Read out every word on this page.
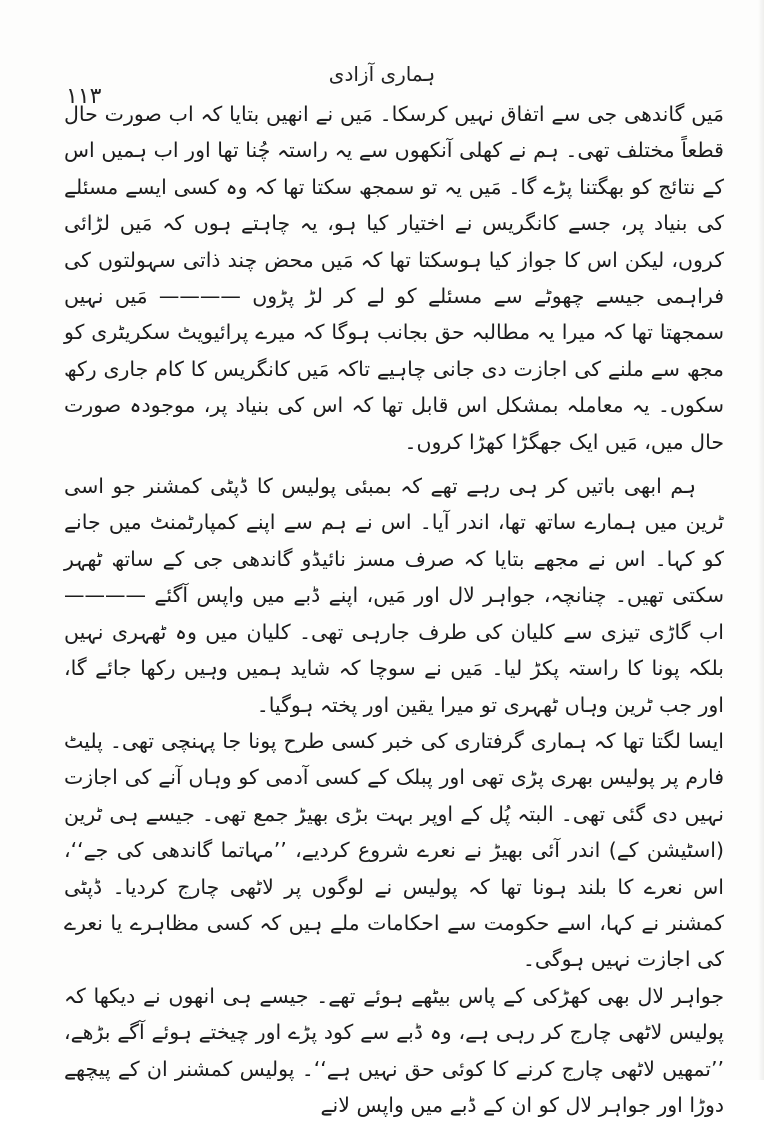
ہماری آزادی
۱۱۳

مَیں گاندھی جی سے اتفاق نہیں کرسکا۔ مَیں نے انھیں بتایا کہ اب صورت حال قطعاً مختلف تھی۔ ہم نے کھلی آنکھوں سے یہ راستہ چُنا تھا اور اب ہمیں اس کے نتائج کو بھگتنا پڑے گا۔ مَیں یہ تو سمجھ سکتا تھا کہ وہ کسی ایسے مسئلے کی بنیاد پر، جسے کانگریس نے اختیار کیا ہو، یہ چاہتے ہوں کہ مَیں لڑائی کروں، لیکن اس کا جواز کیا ہوسکتا تھا کہ مَیں محض چند ذاتی سہولتوں کی فراہمی جیسے چھوٹے سے مسئلے کو لے کر لڑ پڑوں ———— مَیں نہیں سمجھتا تھا کہ میرا یہ مطالبہ حق بجانب ہوگا کہ میرے پرائیویٹ سکریٹری کو مجھ سے ملنے کی اجازت دی جانی چاہیے تاکہ مَیں کانگریس کا کام جاری رکھ سکوں۔ یہ معاملہ بمشکل اس قابل تھا کہ اس کی بنیاد پر، موجودہ صورت حال میں، مَیں ایک جھگڑا کھڑا کروں۔

ہم ابھی باتیں کر ہی رہے تھے کہ بمبئی پولیس کا ڈپٹی کمشنر جو اسی ٹرین میں ہمارے ساتھ تھا، اندر آیا۔ اس نے ہم سے اپنے کمپارٹمنٹ میں جانے کو کہا۔ اس نے مجھے بتایا کہ صرف مسز نائیڈو گاندھی جی کے ساتھ ٹھہر سکتی تھیں۔ چنانچہ، جواہر لال اور مَیں، اپنے ڈبے میں واپس آگئے ———— اب گاڑی تیزی سے کلیان کی طرف جارہی تھی۔ کلیان میں وہ ٹھہری نہیں بلکہ پونا کا راستہ پکڑ لیا۔ مَیں نے سوچا کہ شاید ہمیں وہیں رکھا جائے گا، اور جب ٹرین وہاں ٹھہری تو میرا یقین اور پختہ ہوگیا۔

ایسا لگتا تھا کہ ہماری گرفتاری کی خبر کسی طرح پونا جا پہنچی تھی۔ پلیٹ فارم پر پولیس بھری پڑی تھی اور پبلک کے کسی آدمی کو وہاں آنے کی اجازت نہیں دی گئی تھی۔ البتہ پُل کے اوپر بہت بڑی بھیڑ جمع تھی۔ جیسے ہی ٹرین (اسٹیشن کے) اندر آئی بھیڑ نے نعرے شروع کردیے، ’’مہاتما گاندھی کی جے‘‘، اس نعرے کا بلند ہونا تھا کہ پولیس نے لوگوں پر لاٹھی چارج کردیا۔ ڈپٹی کمشنر نے کہا، اسے حکومت سے احکامات ملے ہیں کہ کسی مظاہرے یا نعرے کی اجازت نہیں ہوگی۔

جواہر لال بھی کھڑکی کے پاس بیٹھے ہوئے تھے۔ جیسے ہی انھوں نے دیکھا کہ پولیس لاٹھی چارج کر رہی ہے، وہ ڈبے سے کود پڑے اور چیختے ہوئے آگے بڑھے، ’’تمھیں لاٹھی چارج کرنے کا کوئی حق نہیں ہے‘‘۔ پولیس کمشنر ان کے پیچھے دوڑا اور جواہر لال کو ان کے ڈبے میں واپس لانے
